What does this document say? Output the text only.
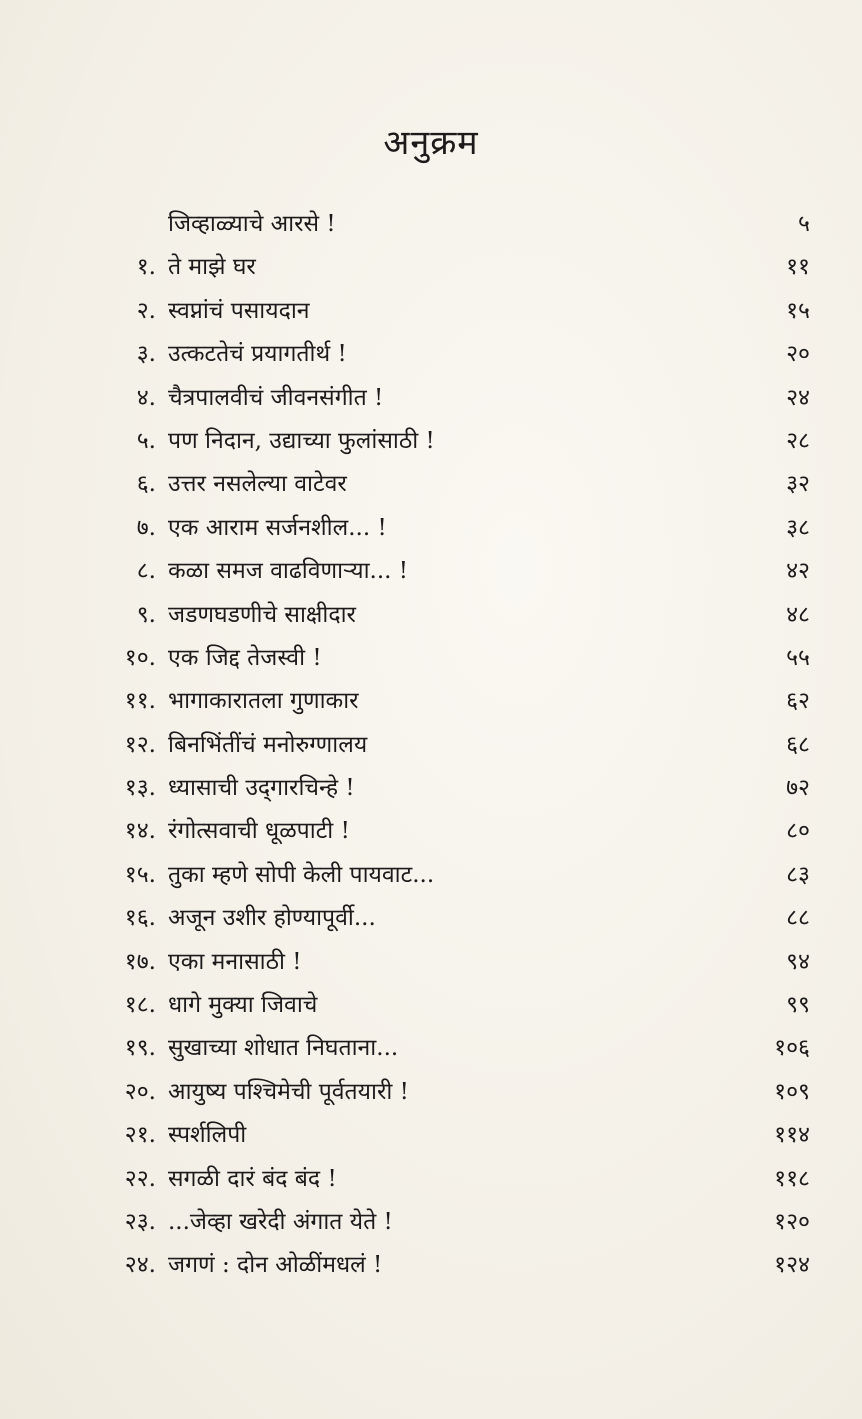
अनुक्रम
जिव्हाळ्याचे आरसे !	५
१. ते माझे घर	११
२. स्वप्नांचं पसायदान	१५
३. उत्कटतेचं प्रयागतीर्थ !	२०
४. चैत्रपालवीचं जीवनसंगीत !	२४
५. पण निदान, उद्याच्या फुलांसाठी !	२८
६. उत्तर नसलेल्या वाटेवर	३२
७. एक आराम सर्जनशील... !	३८
८. कळा समज वाढविणाऱ्या... !	४२
९. जडणघडणीचे साक्षीदार	४८
१०. एक जिद्द तेजस्वी !	५५
११. भागाकारातला गुणाकार	६२
१२. बिनभिंतींचं मनोरुग्णालय	६८
१३. ध्यासाची उद्‌गारचिन्हे !	७२
१४. रंगोत्सवाची धूळपाटी !	८०
१५. तुका म्हणे सोपी केली पायवाट...	८३
१६. अजून उशीर होण्यापूर्वी...	८८
१७. एका मनासाठी !	९४
१८. धागे मुक्या जिवाचे	९९
१९. सुखाच्या शोधात निघताना...	१०६
२०. आयुष्य पश्चिमेची पूर्वतयारी !	१०९
२१. स्पर्शलिपी	११४
२२. सगळी दारं बंद बंद !	११८
२३. ...जेव्हा खरेदी अंगात येते !	१२०
२४. जगणं : दोन ओळींमधलं !	१२४
